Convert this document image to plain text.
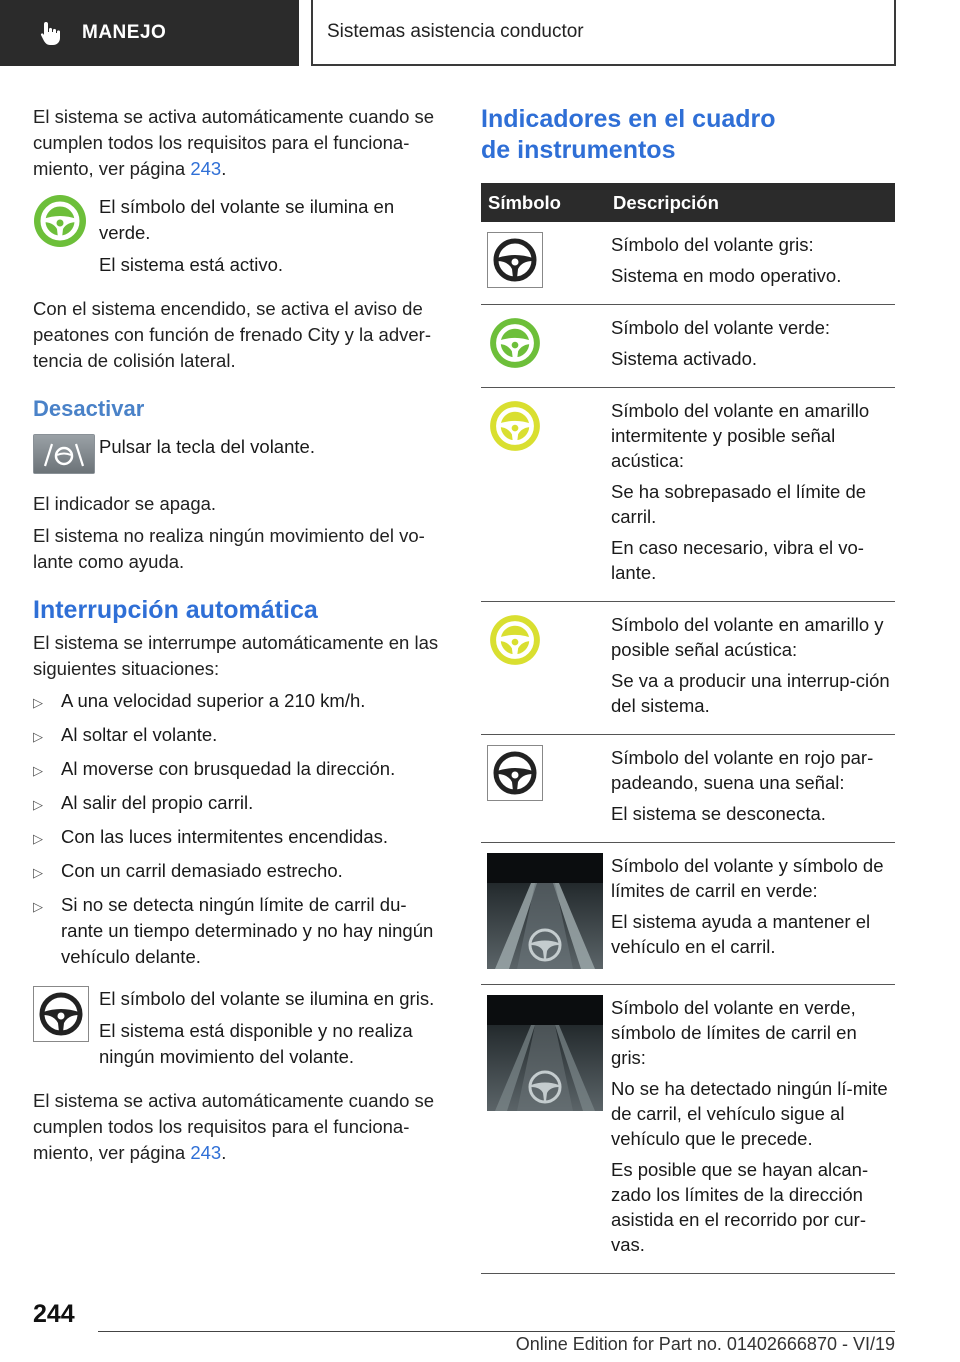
MANEJO	Sistemas asistencia conductor

El sistema se activa automáticamente cuando se cumplen todos los requisitos para el funciona-miento, ver página 243.

El símbolo del volante se ilumina en verde.
El sistema está activo.

Con el sistema encendido, se activa el aviso de peatones con función de frenado City y la adver-tencia de colisión lateral.

Desactivar
Pulsar la tecla del volante.

El indicador se apaga.

El sistema no realiza ningún movimiento del vo-lante como ayuda.

Interrupción automática

El sistema se interrumpe automáticamente en las siguientes situaciones:

▷ A una velocidad superior a 210 km/h.
▷ Al soltar el volante.
▷ Al moverse con brusquedad la dirección.
▷ Al salir del propio carril.
▷ Con las luces intermitentes encendidas.
▷ Con un carril demasiado estrecho.
▷ Si no se detecta ningún límite de carril du-rante un tiempo determinado y no hay ningún vehículo delante.
El símbolo del volante se ilumina en gris.
El sistema está disponible y no realiza ningún movimiento del volante.

El sistema se activa automáticamente cuando se cumplen todos los requisitos para el funciona-miento, ver página 243.

Indicadores en el cuadro
de instrumentos
Símbolo	Descripción

Símbolo del volante gris:
Sistema en modo operativo.

Símbolo del volante verde:
Sistema activado.

Símbolo del volante en amarillo intermitente y posible señal acústica:
Se ha sobrepasado el límite de carril.
En caso necesario, vibra el vo-lante.

Símbolo del volante en amarillo y posible señal acústica:
Se va a producir una interrup-ción del sistema.

Símbolo del volante en rojo par-padeando, suena una señal:
El sistema se desconecta.

Símbolo del volante y símbolo de límites de carril en verde:
El sistema ayuda a mantener el vehículo en el carril.

Símbolo del volante en verde, símbolo de límites de carril en gris:
No se ha detectado ningún lí-mite de carril, el vehículo sigue al vehículo que le precede.
Es posible que se hayan alcan-zado los límites de la dirección asistida en el recorrido por cur-vas.
244
Online Edition for Part no. 01402666870 - VI/19
